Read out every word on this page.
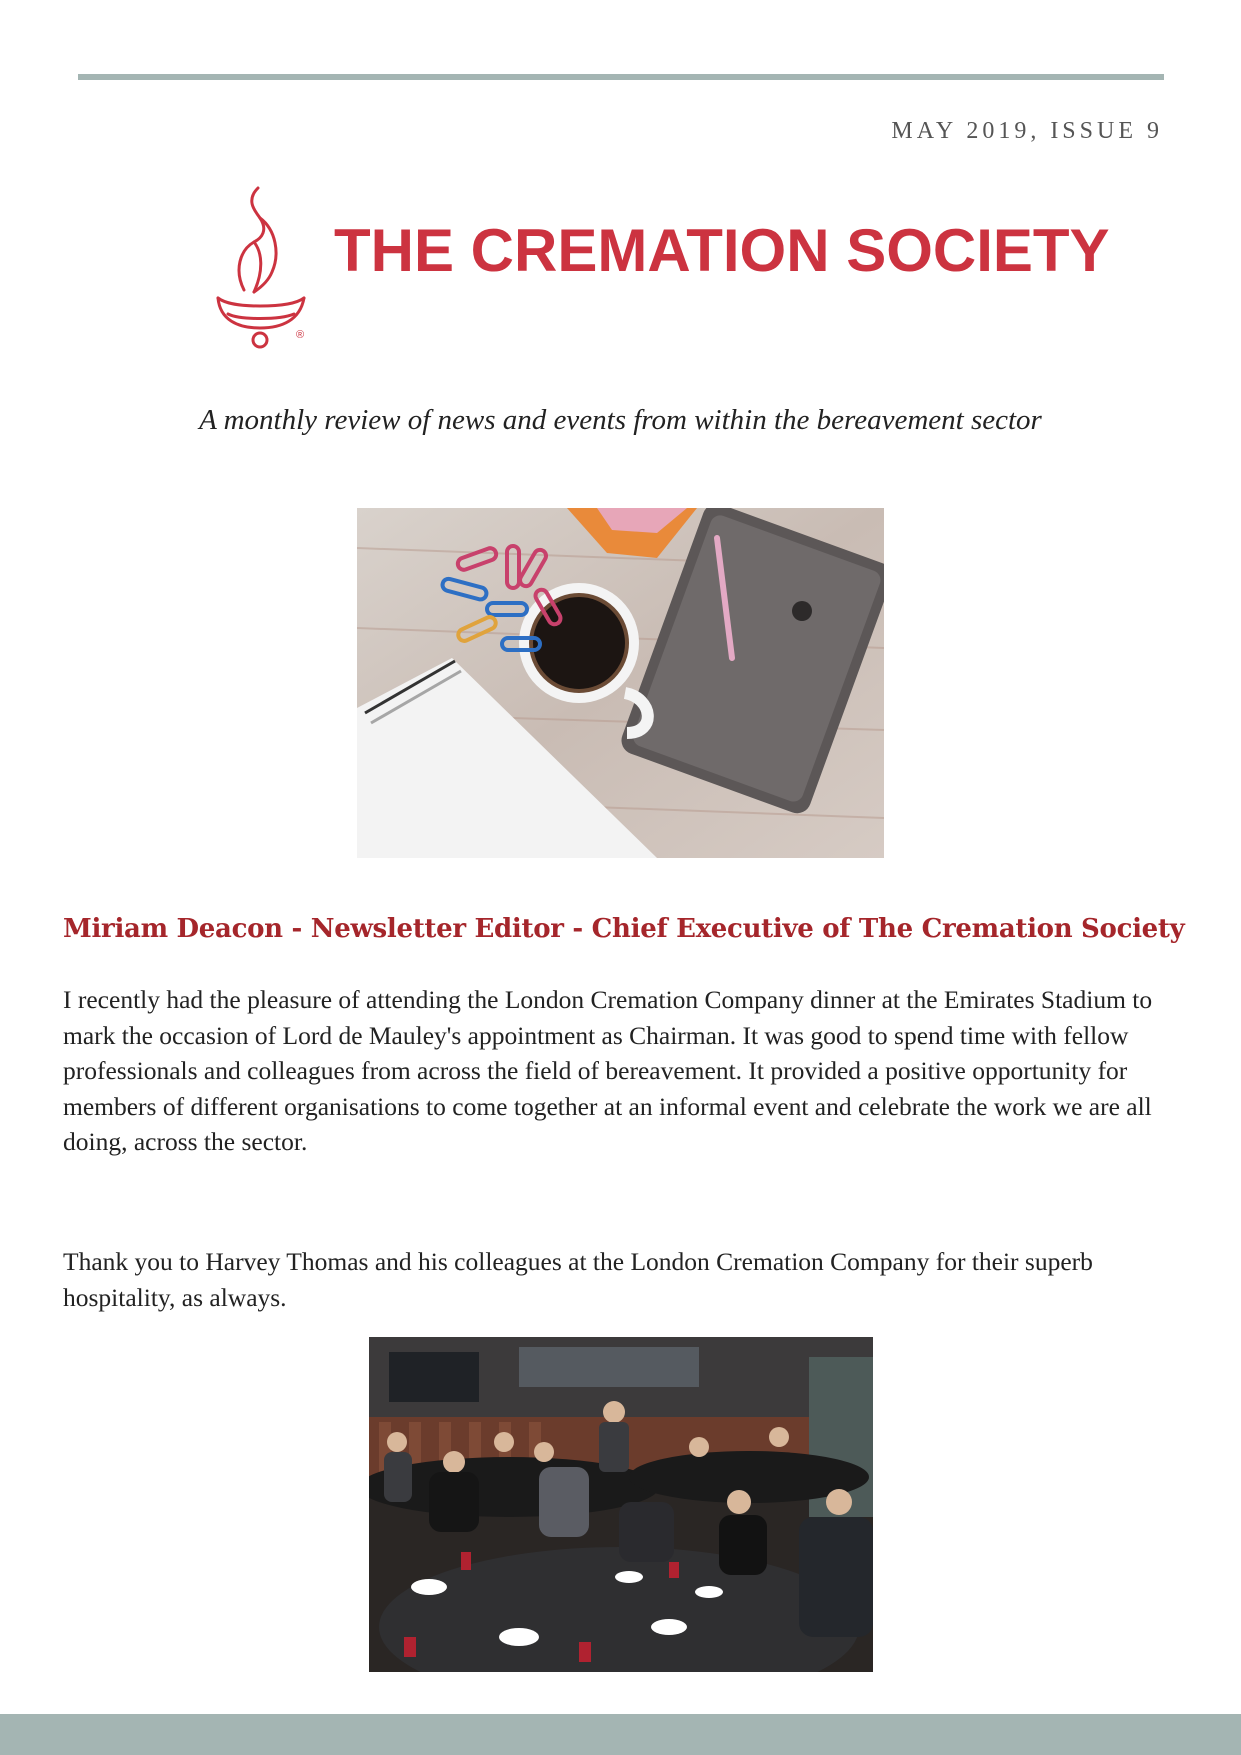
MAY 2019, ISSUE 9
®
THE CREMATION SOCIETY
A monthly review of news and events from within the bereavement sector
Miriam Deacon - Newsletter Editor - Chief Executive of The Cremation Society

I recently had the pleasure of attending the London Cremation Company dinner at the Emirates Stadium to mark the occasion of Lord de Mauley's appointment as Chairman. It was good to spend time with fellow professionals and colleagues from across the field of bereavement. It provided a positive opportunity for members of different organisations to come together at an informal event and celebrate the work we are all doing, across the sector.

Thank you to Harvey Thomas and his colleagues at the London Cremation Company for their superb hospitality, as always.
